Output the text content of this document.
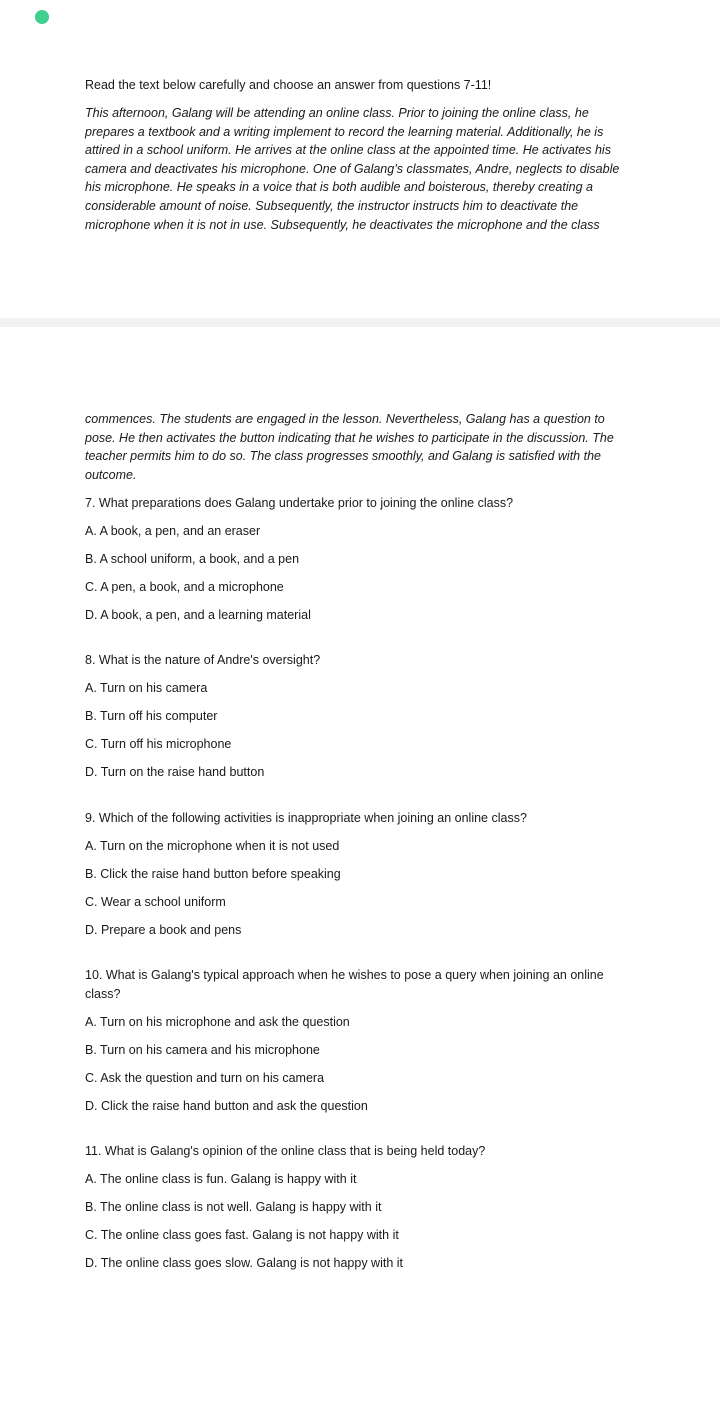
Read the text below carefully and choose an answer from questions 7-11!

This afternoon, Galang will be attending an online class. Prior to joining the online class, he prepares a textbook and a writing implement to record the learning material. Additionally, he is attired in a school uniform. He arrives at the online class at the appointed time. He activates his camera and deactivates his microphone. One of Galang’s classmates, Andre, neglects to disable his microphone. He speaks in a voice that is both audible and boisterous, thereby creating a considerable amount of noise. Subsequently, the instructor instructs him to deactivate the microphone when it is not in use. Subsequently, he deactivates the microphone and the class

commences. The students are engaged in the lesson. Nevertheless, Galang has a question to pose. He then activates the button indicating that he wishes to participate in the discussion. The teacher permits him to do so. The class progresses smoothly, and Galang is satisfied with the outcome.

7. What preparations does Galang undertake prior to joining the online class?

A. A book, a pen, and an eraser

B. A school uniform, a book, and a pen

C. A pen, a book, and a microphone

D. A book, a pen, and a learning material

8. What is the nature of Andre's oversight?

A. Turn on his camera

B. Turn off his computer

C. Turn off his microphone

D. Turn on the raise hand button

9. Which of the following activities is inappropriate when joining an online class?

A. Turn on the microphone when it is not used

B. Click the raise hand button before speaking

C. Wear a school uniform

D. Prepare a book and pens

10. What is Galang's typical approach when he wishes to pose a query when joining an online class?

A. Turn on his microphone and ask the question

B. Turn on his camera and his microphone

C. Ask the question and turn on his camera

D. Click the raise hand button and ask the question

11. What is Galang's opinion of the online class that is being held today?

A. The online class is fun. Galang is happy with it

B. The online class is not well. Galang is happy with it

C. The online class goes fast. Galang is not happy with it

D. The online class goes slow. Galang is not happy with it
